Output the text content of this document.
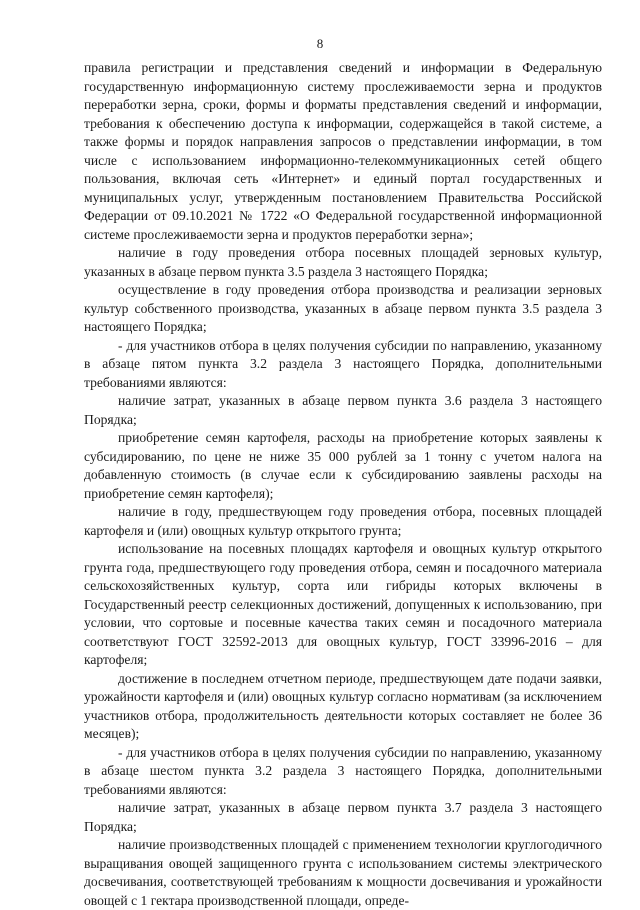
8

правила регистрации и представления сведений и информации в Федеральную государственную информационную систему прослеживаемости зерна и продуктов переработки зерна, сроки, формы и форматы представления сведений и информации, требования к обеспечению доступа к информации, содержащейся в такой системе, а также формы и порядок направления запросов о представлении информации, в том числе с использованием информационно-телекоммуникационных сетей общего пользования, включая сеть «Интернет» и единый портал государственных и муниципальных услуг, утвержденным постановлением Правительства Российской Федерации от 09.10.2021 № 1722 «О Федеральной государственной информационной системе прослеживаемости зерна и продуктов переработки зерна»;

наличие в году проведения отбора посевных площадей зерновых культур, указанных в абзаце первом пункта 3.5 раздела 3 настоящего Порядка;

осуществление в году проведения отбора производства и реализации зерновых культур собственного производства, указанных в абзаце первом пункта 3.5 раздела 3 настоящего Порядка;

- для участников отбора в целях получения субсидии по направлению, указанному в абзаце пятом пункта 3.2 раздела 3 настоящего Порядка, дополнительными требованиями являются:

наличие затрат, указанных в абзаце первом пункта 3.6 раздела 3 настоящего Порядка;

приобретение семян картофеля, расходы на приобретение которых заявлены к субсидированию, по цене не ниже 35 000 рублей за 1 тонну с учетом налога на добавленную стоимость (в случае если к субсидированию заявлены расходы на приобретение семян картофеля);

наличие в году, предшествующем году проведения отбора, посевных площадей картофеля и (или) овощных культур открытого грунта;

использование на посевных площадях картофеля и овощных культур открытого грунта года, предшествующего году проведения отбора, семян и посадочного материала сельскохозяйственных культур, сорта или гибриды которых включены в Государственный реестр селекционных достижений, допущенных к использованию, при условии, что сортовые и посевные качества таких семян и посадочного материала соответствуют ГОСТ 32592-2013 для овощных культур, ГОСТ 33996-2016 – для картофеля;

достижение в последнем отчетном периоде, предшествующем дате подачи заявки, урожайности картофеля и (или) овощных культур согласно нормативам (за исключением участников отбора, продолжительность деятельности которых составляет не более 36 месяцев);

- для участников отбора в целях получения субсидии по направлению, указанному в абзаце шестом пункта 3.2 раздела 3 настоящего Порядка, дополнительными требованиями являются:

наличие затрат, указанных в абзаце первом пункта 3.7 раздела 3 настоящего Порядка;

наличие производственных площадей с применением технологии круглогодичного выращивания овощей защищенного грунта с использованием системы электрического досвечивания, соответствующей требованиям к мощности досвечивания и урожайности овощей с 1 гектара производственной площади, опреде-
